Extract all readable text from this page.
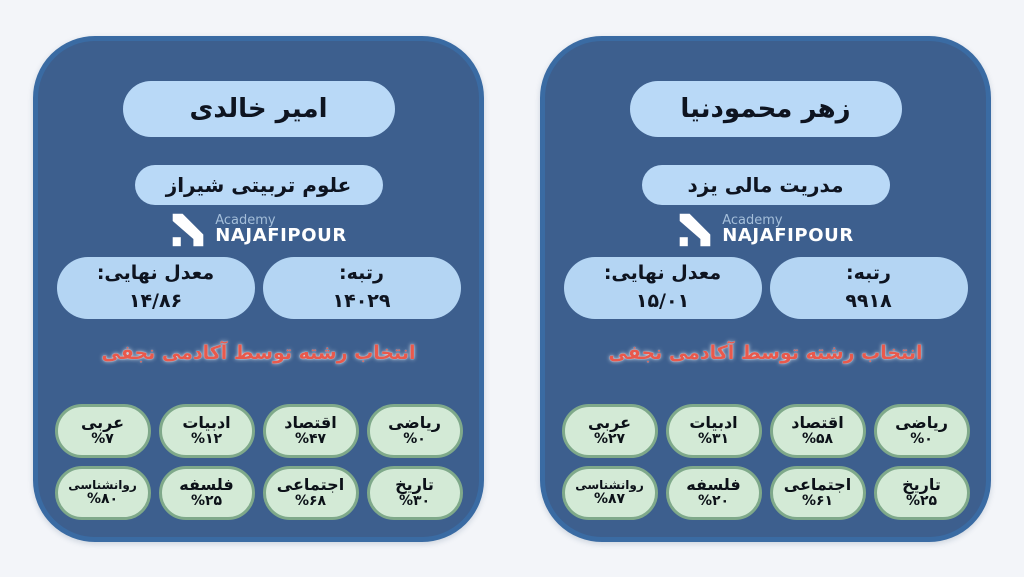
امیر خالدی
علوم تربیتی شیراز
Academy
NAJAFIPOUR
رتبه:
۱۴۰۲۹
معدل نهایی:
۱۴/۸۶
انتخاب رشته توسط آکادمی نجفی
ریاضی
%۰
اقتصاد
%۴۷
ادبیات
%۱۲
عربی
%۷
تاریخ
%۳۰
اجتماعی
%۶۸
فلسفه
%۲۵
روانشناسی
%۸۰
زهر محمودنیا
مدریت مالی یزد
Academy
NAJAFIPOUR
رتبه:
۹۹۱۸
معدل نهایی:
۱۵/۰۱
انتخاب رشته توسط آکادمی نجفی
ریاضی
%۰
اقتصاد
%۵۸
ادبیات
%۳۱
عربی
%۲۷
تاریخ
%۲۵
اجتماعی
%۶۱
فلسفه
%۲۰
روانشناسی
%۸۷
